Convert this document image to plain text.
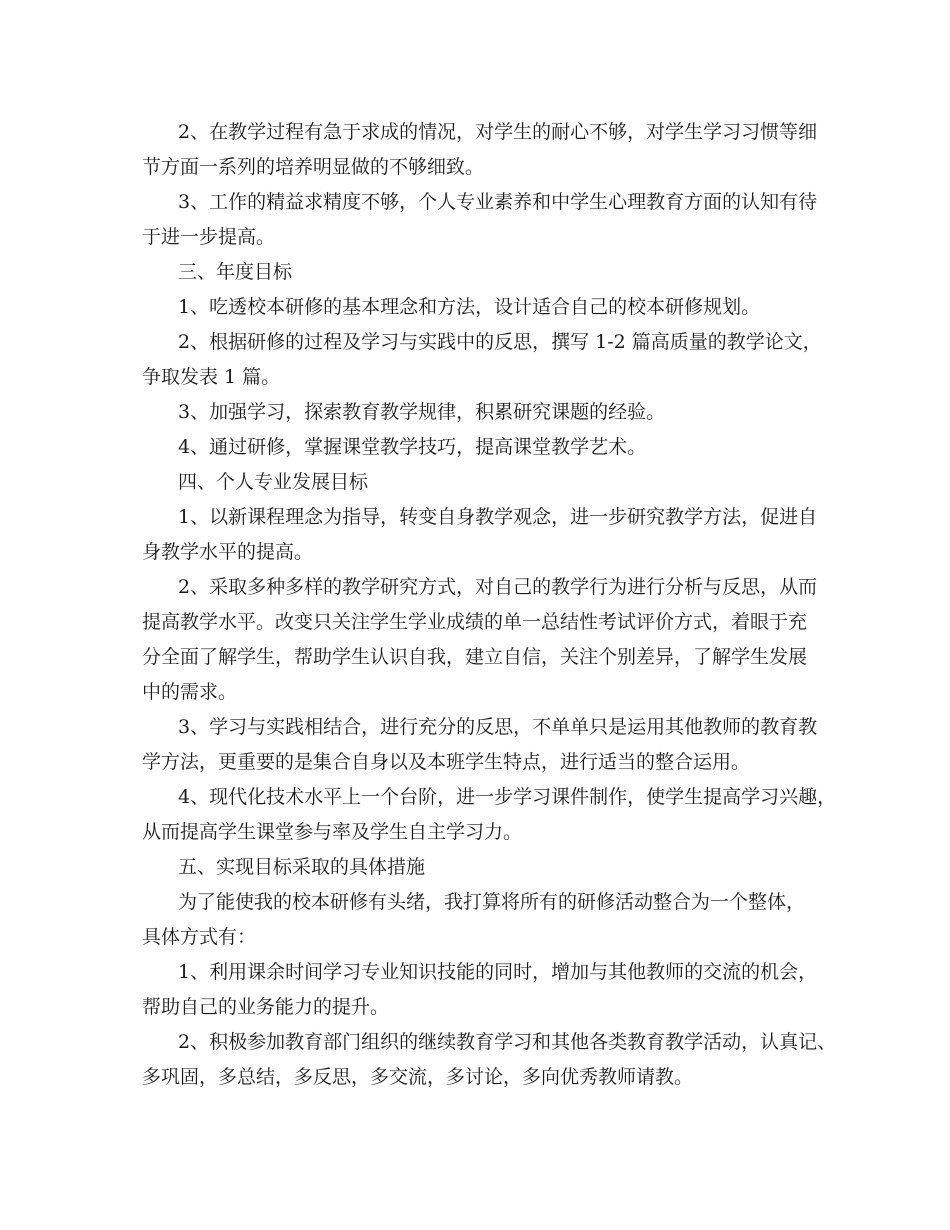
2、在教学过程有急于求成的情况，对学生的耐心不够，对学生学习习惯等细

节方面一系列的培养明显做的不够细致。

3、工作的精益求精度不够，个人专业素养和中学生心理教育方面的认知有待

于进一步提高。

三、年度目标

1、吃透校本研修的基本理念和方法，设计适合自己的校本研修规划。

2、根据研修的过程及学习与实践中的反思，撰写 1-2 篇高质量的教学论文，

争取发表 1 篇。

3、加强学习，探索教育教学规律，积累研究课题的经验。

4、通过研修，掌握课堂教学技巧，提高课堂教学艺术。

四、个人专业发展目标

1、以新课程理念为指导，转变自身教学观念，进一步研究教学方法，促进自

身教学水平的提高。

2、采取多种多样的教学研究方式，对自己的教学行为进行分析与反思，从而

提高教学水平。改变只关注学生学业成绩的单一总结性考试评价方式，着眼于充

分全面了解学生，帮助学生认识自我，建立自信，关注个别差异，了解学生发展

中的需求。

3、学习与实践相结合，进行充分的反思，不单单只是运用其他教师的教育教

学方法，更重要的是集合自身以及本班学生特点，进行适当的整合运用。

4、现代化技术水平上一个台阶，进一步学习课件制作，使学生提高学习兴趣，

从而提高学生课堂参与率及学生自主学习力。

五、实现目标采取的具体措施

为了能使我的校本研修有头绪，我打算将所有的研修活动整合为一个整体，

具体方式有：

1、利用课余时间学习专业知识技能的同时，增加与其他教师的交流的机会，

帮助自己的业务能力的提升。

2、积极参加教育部门组织的继续教育学习和其他各类教育教学活动，认真记、

多巩固，多总结，多反思，多交流，多讨论，多向优秀教师请教。
